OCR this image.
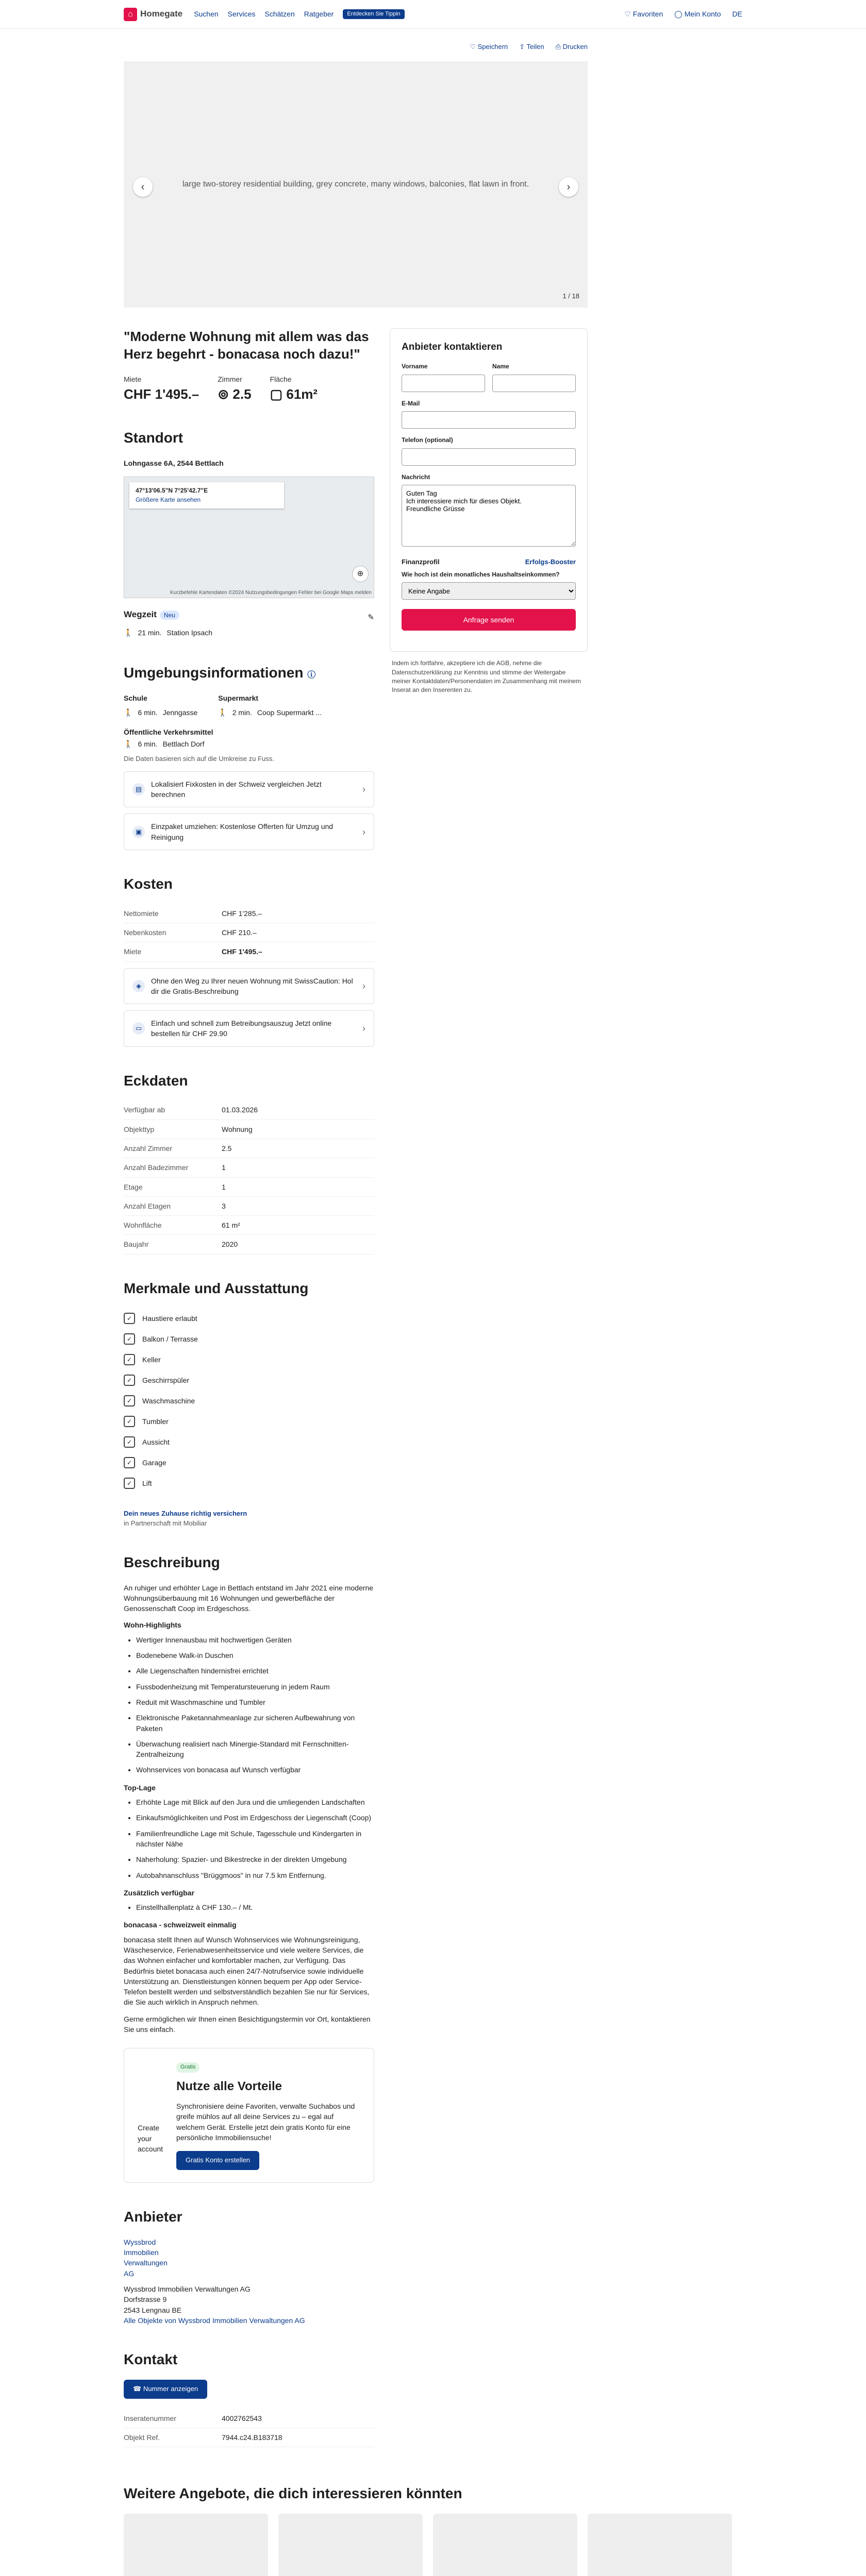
⌂ Homegate Suchen Services Schätzen Ratgeber	Entdecken Sie Tippin	♡ Favoriten ◯ Mein Konto DE
♡ Speichern ⇪ Teilen ⎙ Drucken
large two-storey residential building, grey concrete, many windows, balconies, flat lawn in front.
‹	›
1 / 18
"Moderne Wohnung mit allem was das Herz begehrt - bonacasa noch dazu!"
Miete
CHF 1'495.–
Zimmer
⊚ 2.5
Fläche
▢ 61m²
Standort
Lohngasse 6A, 2544 Bettlach
47°13'06.5"N 7°25'42.7"E
Größere Karte ansehen
⊕
Kurzbefehle Kartendaten ©2024 Nutzungsbedingungen Fehler bei Google Maps melden
Wegzeit Neu	✎
🚶 21 min. Station Ipsach
Umgebungsinformationen ⓘ
Schule
🚶 6 min. Jenngasse
Supermarkt
🚶 2 min. Coop Supermarkt ...
Öffentliche Verkehrsmittel
🚶 6 min. Bettlach Dorf
Die Daten basieren sich auf die Umkreise zu Fuss.
▤
Lokalisiert Fixkosten in der Schweiz vergleichen Jetzt berechnen
›
▣
Einzpaket umziehen: Kostenlose Offerten für Umzug und Reinigung
›
Kosten
Nettomiete	CHF 1'285.–
Nebenkosten	CHF 210.–
Miete	CHF 1'495.–
◈
Ohne den Weg zu Ihrer neuen Wohnung mit SwissCaution: Hol dir die Gratis-Beschreibung
›
▭
Einfach und schnell zum Betreibungsauszug Jetzt online bestellen für CHF 29.90
›
Eckdaten
Verfügbar ab	01.03.2026
Objekttyp	Wohnung
Anzahl Zimmer	2.5
Anzahl Badezimmer	1
Etage	1
Anzahl Etagen	3
Wohnfläche	61 m²
Baujahr	2020
Merkmale und Ausstattung
✓	Haustiere erlaubt
✓	Balkon / Terrasse
✓	Keller
✓	Geschirrspüler
✓	Waschmaschine
✓	Tumbler
✓	Aussicht
✓	Garage
✓	Lift
Dein neues Zuhause richtig versichern
in Partnerschaft mit Mobiliar
Beschreibung

An ruhiger und erhöhter Lage in Bettlach entstand im Jahr 2021 eine moderne Wohnungsüberbauung mit 16 Wohnungen und gewerbefläche der Genossenschaft Coop im Erdgeschoss.

Wohn-Highlights
• Wertiger Innenausbau mit hochwertigen Geräten
• Bodenebene Walk-in Duschen
• Alle Liegenschaften hindernisfrei errichtet
• Fussbodenheizung mit Temperatursteuerung in jedem Raum
• Reduit mit Waschmaschine und Tumbler
• Elektronische Paketannahmeanlage zur sicheren Aufbewahrung von Paketen
• Überwachung realisiert nach Minergie-Standard mit Fernschnitten-Zentralheizung
• Wohnservices von bonacasa auf Wunsch verfügbar
Top-Lage
• Erhöhte Lage mit Blick auf den Jura und die umliegenden Landschaften
• Einkaufsmöglichkeiten und Post im Erdgeschoss der Liegenschaft (Coop)
• Familienfreundliche Lage mit Schule, Tagesschule und Kindergarten in nächster Nähe
• Naherholung: Spazier- und Bikestrecke in der direkten Umgebung
• Autobahnanschluss "Brüggmoos" in nur 7.5 km Entfernung.
Zusätzlich verfügbar
• Einstellhallenplatz à CHF 130.– / Mt.
bonacasa - schweizweit einmalig

bonacasa stellt Ihnen auf Wunsch Wohnservices wie Wohnungsreinigung, Wäscheservice, Ferienabwesenheitsservice und viele weitere Services, die das Wohnen einfacher und komfortabler machen, zur Verfügung. Das Bedürfnis bietet bonacasa auch einen 24/7-Notrufservice sowie individuelle Unterstützung an. Dienstleistungen können bequem per App oder Service-Telefon bestellt werden und selbstverständlich bezahlen Sie nur für Services, die Sie auch wirklich in Anspruch nehmen.

Gerne ermöglichen wir Ihnen einen Besichtigungstermin vor Ort, kontaktieren Sie uns einfach.

Create your account
Gratis
Nutze alle Vorteile

Synchronisiere deine Favoriten, verwalte Suchabos und greife mühlos auf all deine Services zu – egal auf welchem Gerät. Erstelle jetzt dein gratis Konto für eine persönliche Immobiliensuche!

Gratis Konto erstellen
Anbieter
Wyssbrod
Immobilien
Verwaltungen
AG
Wyssbrod Immobilien Verwaltungen AG
Dorfstrasse 9
2543 Lengnau BE
Alle Objekte von Wyssbrod Immobilien Verwaltungen AG
Kontakt
☎ Nummer anzeigen
Inseratenummer	4002762543
Objekt Ref.	7944.c24.B183718
Anbieter kontaktieren
Vorname	Name
E-Mail
Telefon (optional)
Nachricht
Guten Tag Ich interessiere mich für dieses Objekt. Freundliche Grüsse
Finanzprofil	Erfolgs-Booster
Wie hoch ist dein monatliches Haushaltseinkommen?
Keine Angabe
Anfrage senden

Indem ich fortfahre, akzeptiere ich die AGB, nehme die Datenschutzerklärung zur Kenntnis und stimme der Weitergabe meiner Kontaktdaten/Personendaten im Zusammenhang mit meinem Inserat an den Inserenten zu.

Weitere Angebote, die dich interessieren könnten
